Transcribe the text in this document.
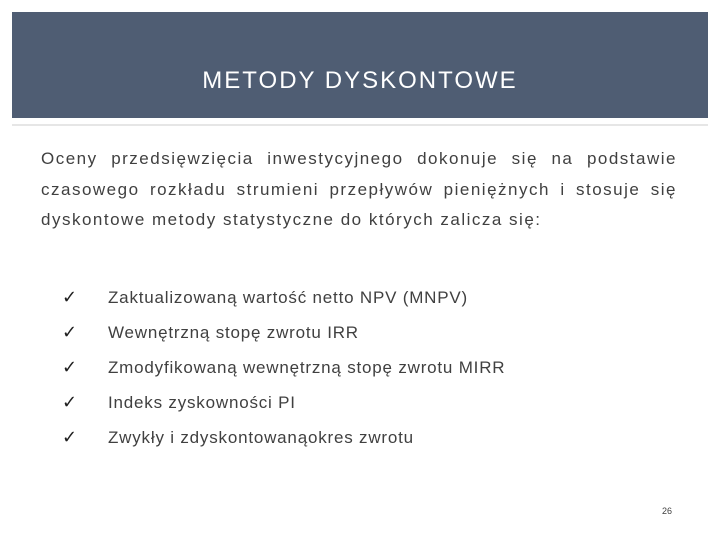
METODY DYSKONTOWE
Oceny przedsięwzięcia inwestycyjnego dokonuje się na podstawie czasowego rozkładu strumieni przepływów pieniężnych i stosuje się dyskontowe metody statystyczne do których zalicza się:
✓	Zaktualizowaną wartość netto NPV (MNPV)
✓	Wewnętrzną stopę zwrotu IRR
✓	Zmodyfikowaną wewnętrzną stopę zwrotu MIRR
✓	Indeks zyskowności PI
✓	Zwykły i zdyskontowanąokres zwrotu
26
